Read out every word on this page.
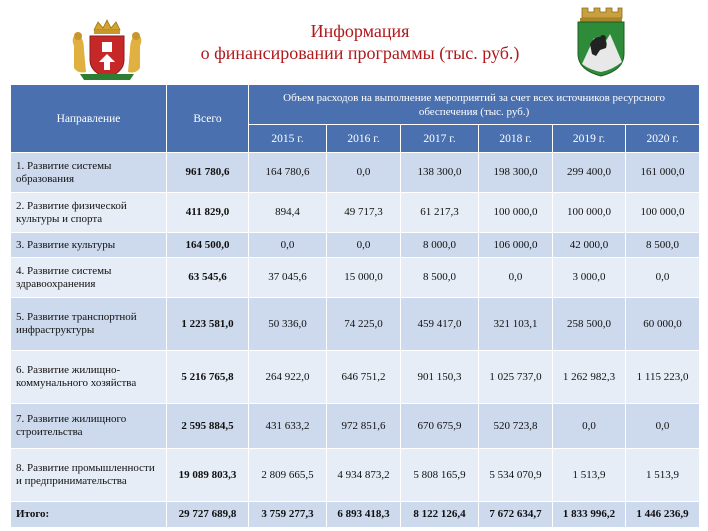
Информация
о финансировании программы (тыс. руб.)
Направление	Всего	Объем расходов на выполнение мероприятий за счет всех источников ресурсного обеспечения (тыс. руб.)					
		2015 г.	2016 г.	2017 г.	2018 г.	2019 г.	2020 г.
1. Развитие системы образования	961 780,6	164 780,6	0,0	138 300,0	198 300,0	299 400,0	161 000,0
2. Развитие физической культуры и спорта	411 829,0	894,4	49 717,3	61 217,3	100 000,0	100 000,0	100 000,0
3. Развитие культуры	164 500,0	0,0	0,0	8 000,0	106 000,0	42 000,0	8 500,0
4. Развитие системы здравоохранения	63 545,6	37 045,6	15 000,0	8 500,0	0,0	3 000,0	0,0
5. Развитие транспортной инфраструктуры	1 223 581,0	50 336,0	74 225,0	459 417,0	321 103,1	258 500,0	60 000,0
6. Развитие жилищно-коммунального хозяйства	5 216 765,8	264 922,0	646 751,2	901 150,3	1 025 737,0	1 262 982,3	1 115 223,0
7. Развитие жилищного строительства	2 595 884,5	431 633,2	972 851,6	670 675,9	520 723,8	0,0	0,0
8. Развитие промышленности и предпринимательства	19 089 803,3	2 809 665,5	4 934 873,2	5 808 165,9	5 534 070,9	1 513,9	1 513,9
Итого:	29 727 689,8	3 759 277,3	6 893 418,3	8 122 126,4	7 672 634,7	1 833 996,2	1 446 236,9
